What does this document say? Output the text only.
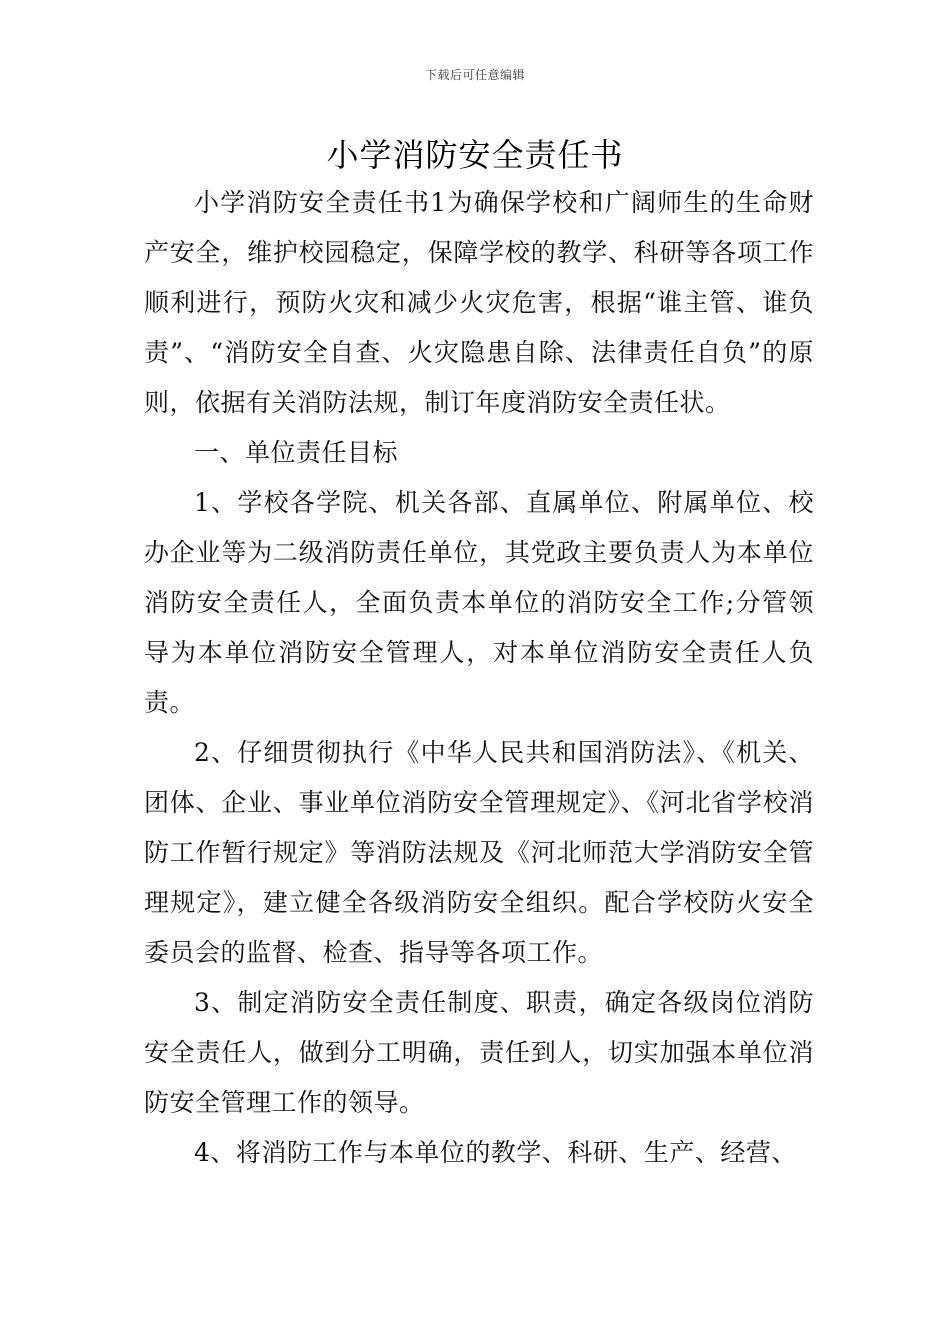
下载后可任意编辑
小学消防安全责任书

小学消防安全责任书1为确保学校和广阔师生的生命财产安全，维护校园稳定，保障学校的教学、科研等各项工作顺利进行，预防火灾和减少火灾危害，根据“谁主管、谁负责”、“消防安全自查、火灾隐患自除、法律责任自负”的原则，依据有关消防法规，制订年度消防安全责任状。

一、单位责任目标

1、学校各学院、机关各部、直属单位、附属单位、校办企业等为二级消防责任单位，其党政主要负责人为本单位消防安全责任人，全面负责本单位的消防安全工作;分管领导为本单位消防安全管理人，对本单位消防安全责任人负责。

2、仔细贯彻执行《中华人民共和国消防法》、《机关、团体、企业、事业单位消防安全管理规定》、《河北省学校消防工作暂行规定》等消防法规及《河北师范大学消防安全管理规定》，建立健全各级消防安全组织。配合学校防火安全委员会的监督、检查、指导等各项工作。

3、制定消防安全责任制度、职责，确定各级岗位消防安全责任人，做到分工明确，责任到人，切实加强本单位消防安全管理工作的领导。

4、将消防工作与本单位的教学、科研、生产、经营、
